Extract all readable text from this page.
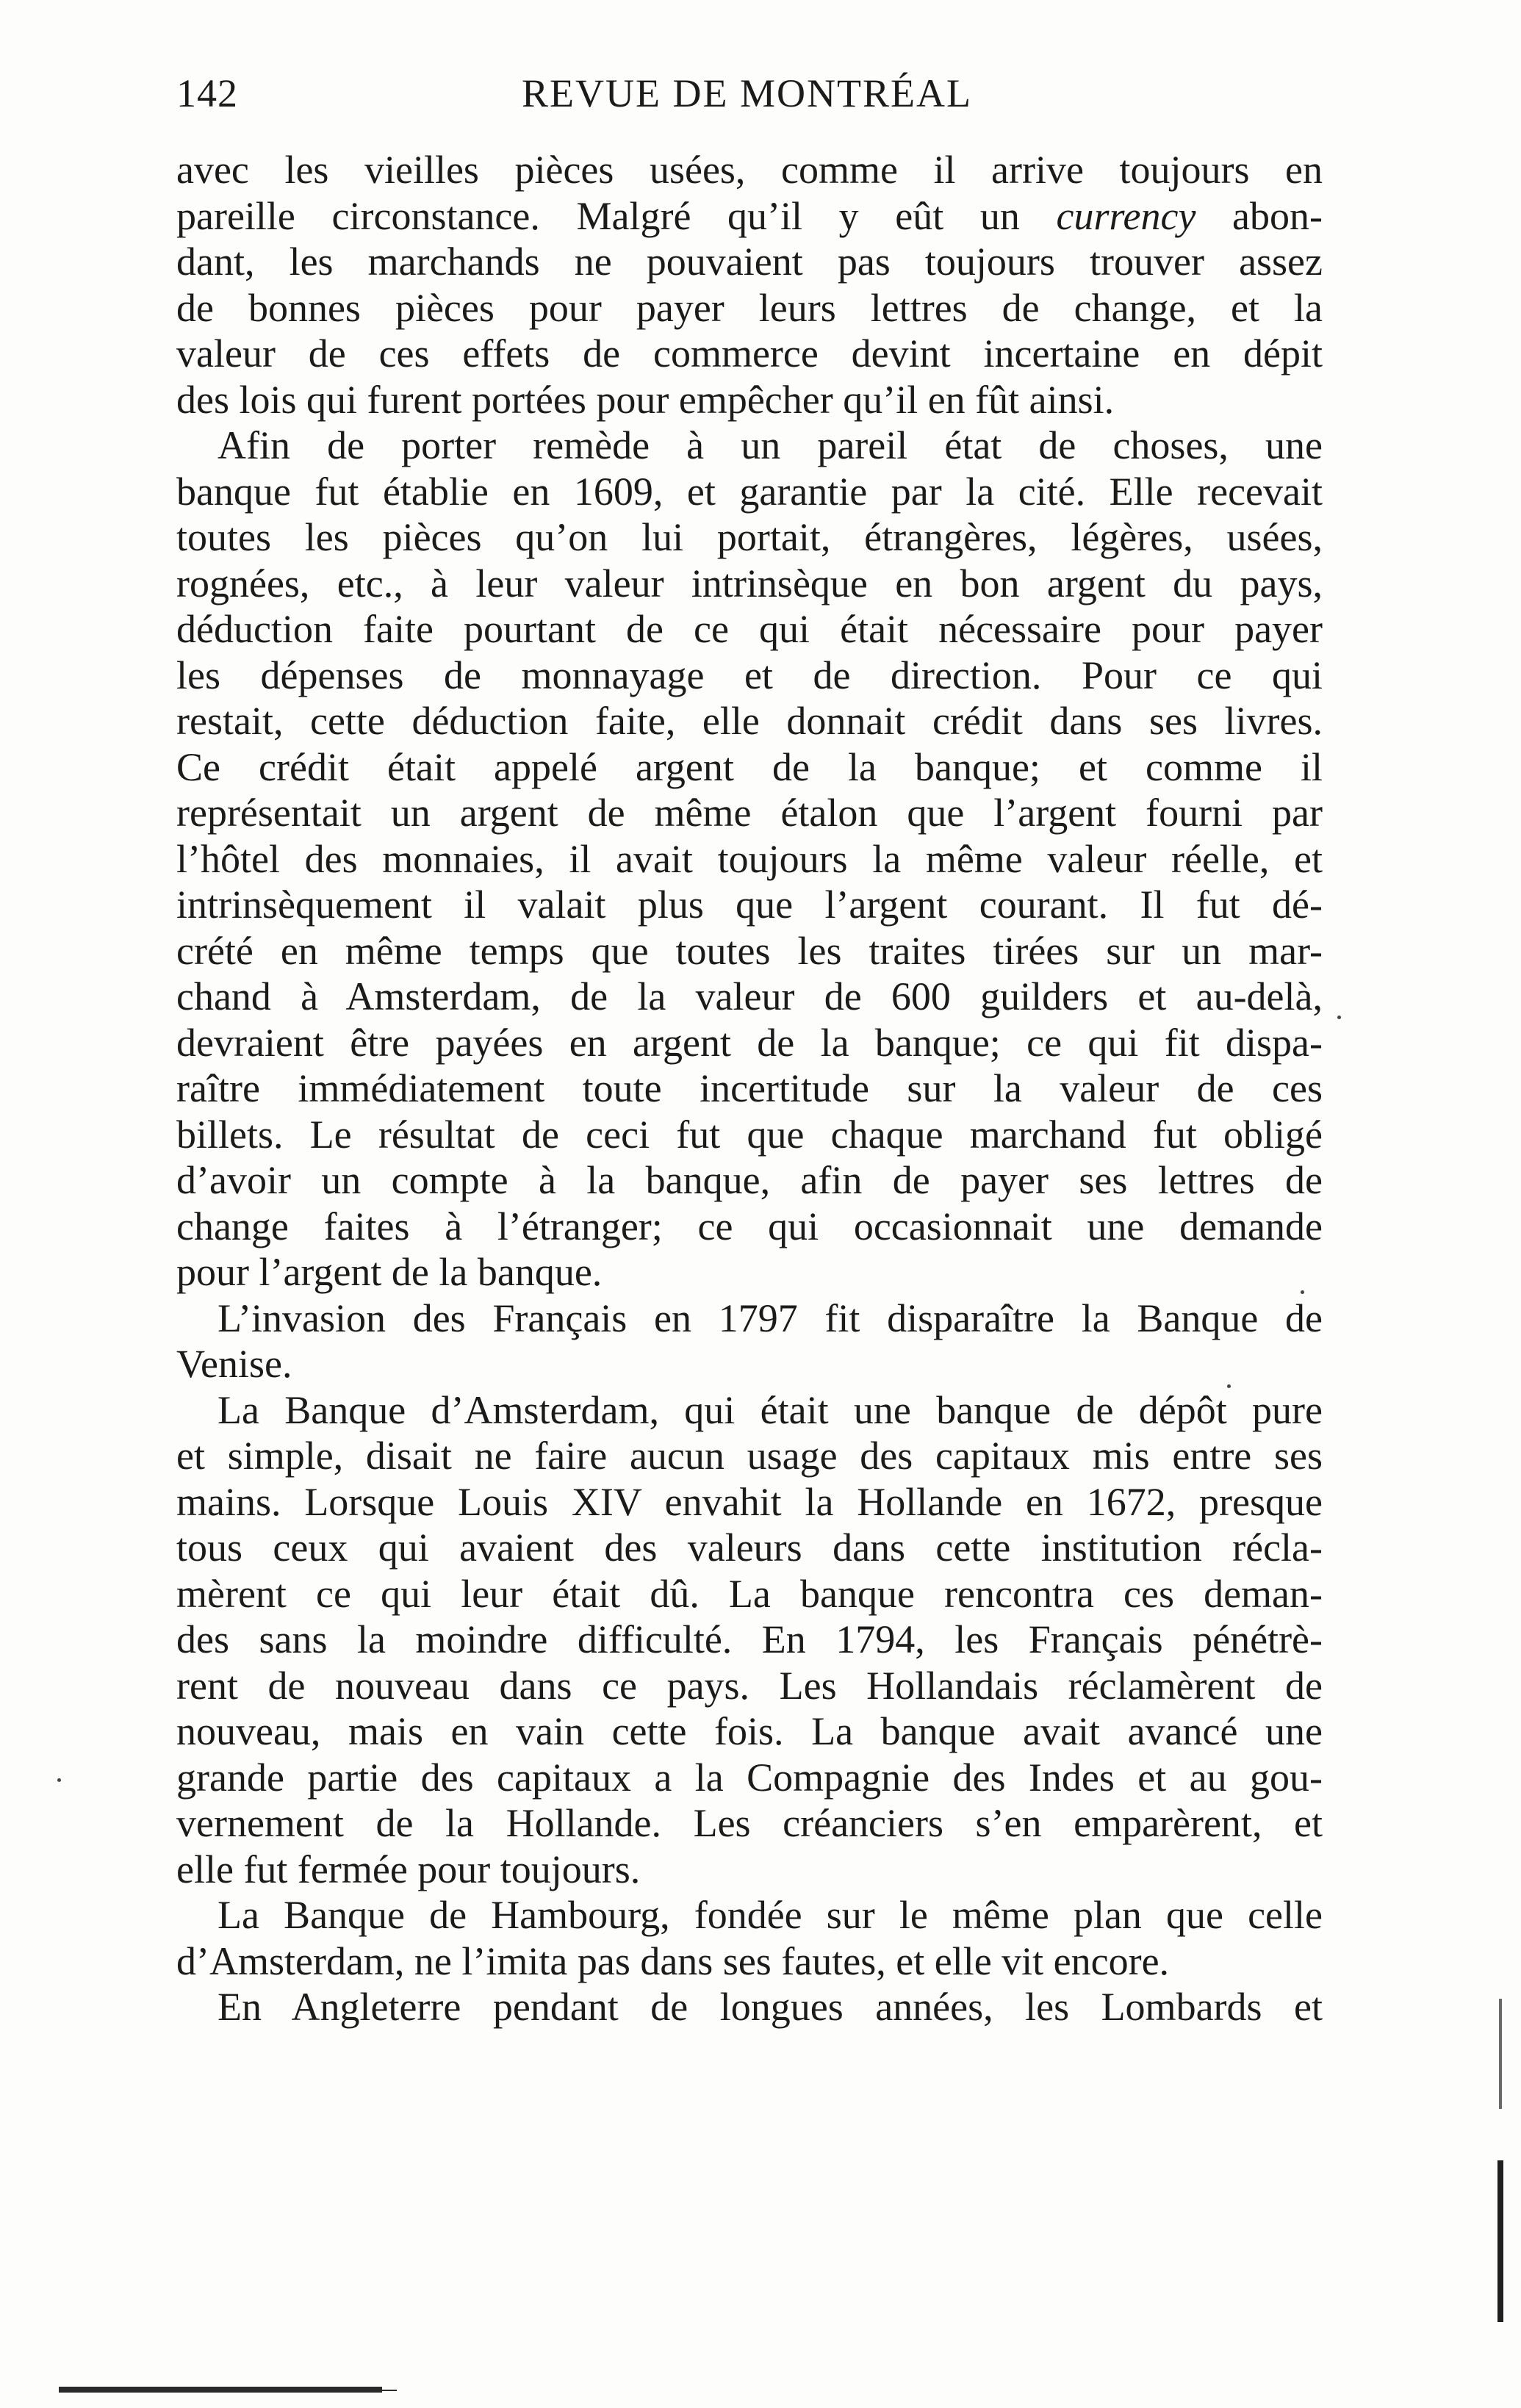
142	REVUE DE MONTRÉAL
avec les vieilles pièces usées, comme il arrive toujours en
pareille circonstance. Malgré qu’il y eût un currency abon-
dant, les marchands ne pouvaient pas toujours trouver assez
de bonnes pièces pour payer leurs lettres de change, et la
valeur de ces effets de commerce devint incertaine en dépit
des lois qui furent portées pour empêcher qu’il en fût ainsi.
Afin de porter remède à un pareil état de choses, une
banque fut établie en 1609, et garantie par la cité. Elle recevait
toutes les pièces qu’on lui portait, étrangères, légères, usées,
rognées, etc., à leur valeur intrinsèque en bon argent du pays,
déduction faite pourtant de ce qui était nécessaire pour payer
les dépenses de monnayage et de direction. Pour ce qui
restait, cette déduction faite, elle donnait crédit dans ses livres.
Ce crédit était appelé argent de la banque; et comme il
représentait un argent de même étalon que l’argent fourni par
l’hôtel des monnaies, il avait toujours la même valeur réelle, et
intrinsèquement il valait plus que l’argent courant. Il fut dé-
crété en même temps que toutes les traites tirées sur un mar-
chand à Amsterdam, de la valeur de 600 guilders et au-delà,
devraient être payées en argent de la banque; ce qui fit dispa-
raître immédiatement toute incertitude sur la valeur de ces
billets. Le résultat de ceci fut que chaque marchand fut obligé
d’avoir un compte à la banque, afin de payer ses lettres de
change faites à l’étranger; ce qui occasionnait une demande
pour l’argent de la banque.
L’invasion des Français en 1797 fit disparaître la Banque de
Venise.
La Banque d’Amsterdam, qui était une banque de dépôt pure
et simple, disait ne faire aucun usage des capitaux mis entre ses
mains. Lorsque Louis XIV envahit la Hollande en 1672, presque
tous ceux qui avaient des valeurs dans cette institution récla-
mèrent ce qui leur était dû. La banque rencontra ces deman-
des sans la moindre difficulté. En 1794, les Français pénétrè-
rent de nouveau dans ce pays. Les Hollandais réclamèrent de
nouveau, mais en vain cette fois. La banque avait avancé une
grande partie des capitaux a la Compagnie des Indes et au gou-
vernement de la Hollande. Les créanciers s’en emparèrent, et
elle fut fermée pour toujours.
La Banque de Hambourg, fondée sur le même plan que celle
d’Amsterdam, ne l’imita pas dans ses fautes, et elle vit encore.
En Angleterre pendant de longues années, les Lombards et
